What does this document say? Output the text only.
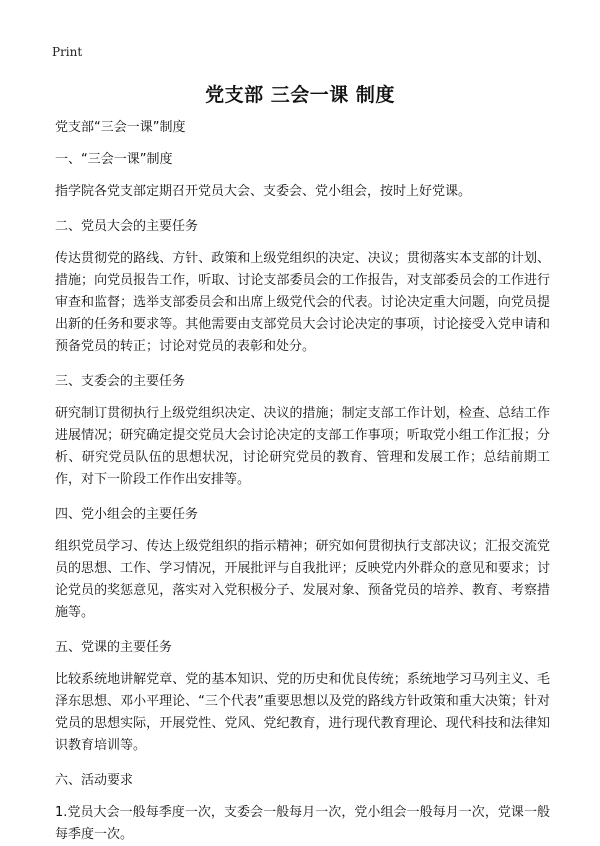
Print
党支部 三会一课 制度

党支部“三会一课”制度

一、“三会一课”制度

指学院各党支部定期召开党员大会、支委会、党小组会，按时上好党课。

二、党员大会的主要任务

传达贯彻党的路线、方针、政策和上级党组织的决定、决议；贯彻落实本支部的计划、措施；向党员报告工作，听取、讨论支部委员会的工作报告，对支部委员会的工作进行审查和监督；选举支部委员会和出席上级党代会的代表。讨论决定重大问题，向党员提出新的任务和要求等。其他需要由支部党员大会讨论决定的事项，讨论接受入党申请和预备党员的转正；讨论对党员的表彰和处分。

三、支委会的主要任务

研究制订贯彻执行上级党组织决定、决议的措施；制定支部工作计划，检查、总结工作进展情况；研究确定提交党员大会讨论决定的支部工作事项；听取党小组工作汇报；分析、研究党员队伍的思想状况，讨论研究党员的教育、管理和发展工作；总结前期工作，对下一阶段工作作出安排等。

四、党小组会的主要任务

组织党员学习、传达上级党组织的指示精神；研究如何贯彻执行支部决议；汇报交流党员的思想、工作、学习情况，开展批评与自我批评；反映党内外群众的意见和要求；讨论党员的奖惩意见，落实对入党积极分子、发展对象、预备党员的培养、教育、考察措施等。

五、党课的主要任务

比较系统地讲解党章、党的基本知识、党的历史和优良传统；系统地学习马列主义、毛泽东思想、邓小平理论、“三个代表”重要思想以及党的路线方针政策和重大决策；针对党员的思想实际，开展党性、党风、党纪教育，进行现代教育理论、现代科技和法律知识教育培训等。

六、活动要求

1.党员大会一般每季度一次，支委会一般每月一次，党小组会一般每月一次，党课一般每季度一次。
